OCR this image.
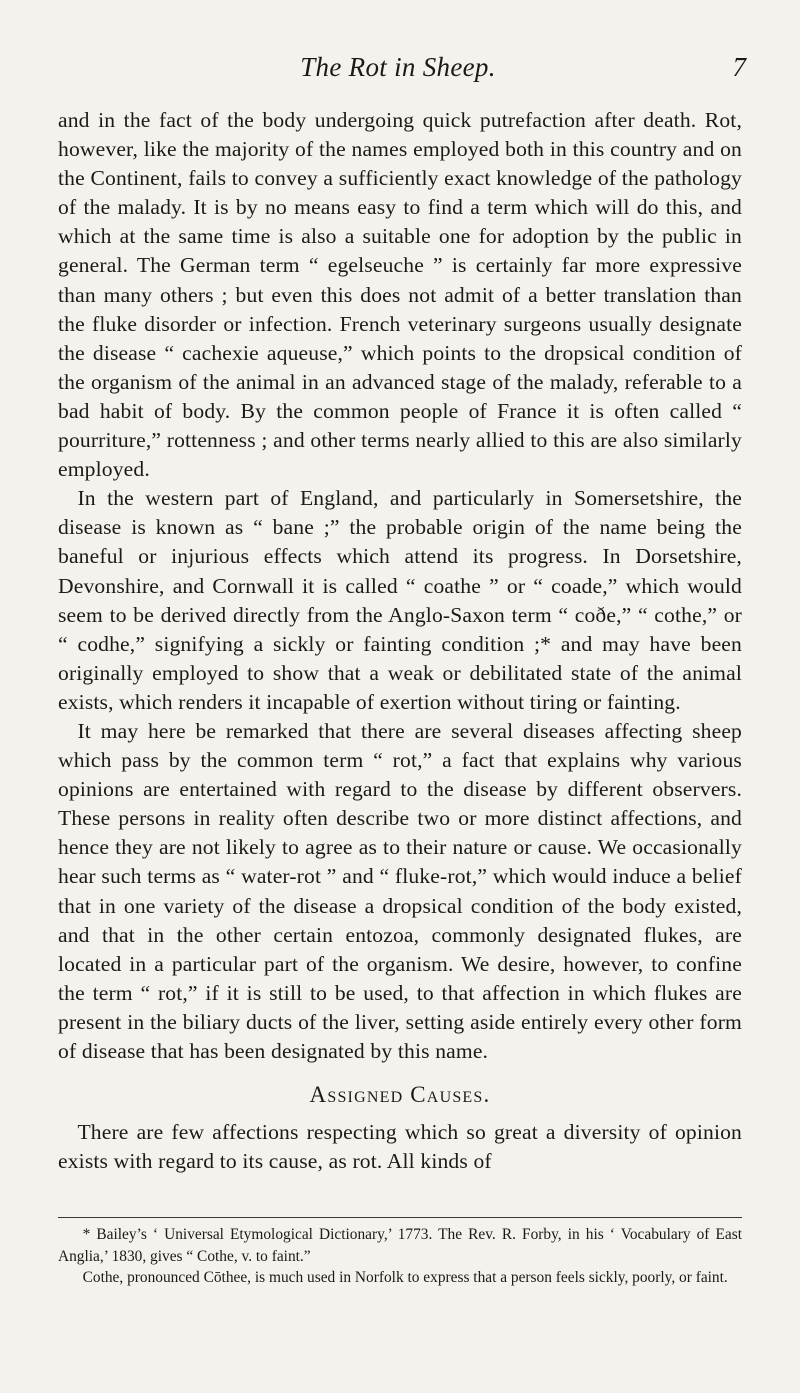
The Rot in Sheep.	7

and in the fact of the body undergoing quick putrefaction after death. Rot, however, like the majority of the names employed both in this country and on the Continent, fails to convey a sufficiently exact knowledge of the pathology of the malady. It is by no means easy to find a term which will do this, and which at the same time is also a suitable one for adoption by the public in general. The German term “ egelseuche ” is certainly far more expressive than many others ; but even this does not admit of a better translation than the fluke disorder or infection. French veterinary surgeons usually designate the disease “ cachexie aqueuse,” which points to the dropsical condition of the organism of the animal in an advanced stage of the malady, referable to a bad habit of body. By the common people of France it is often called “ pourriture,” rottenness ; and other terms nearly allied to this are also similarly employed.

In the western part of England, and particularly in Somersetshire, the disease is known as “ bane ;” the probable origin of the name being the baneful or injurious effects which attend its progress. In Dorsetshire, Devonshire, and Cornwall it is called “ coathe ” or “ coade,” which would seem to be derived directly from the Anglo-Saxon term “ coðe,” “ cothe,” or “ codhe,” signifying a sickly or fainting condition ;* and may have been originally employed to show that a weak or debilitated state of the animal exists, which renders it incapable of exertion without tiring or fainting.

It may here be remarked that there are several diseases affecting sheep which pass by the common term “ rot,” a fact that explains why various opinions are entertained with regard to the disease by different observers. These persons in reality often describe two or more distinct affections, and hence they are not likely to agree as to their nature or cause. We occasionally hear such terms as “ water-rot ” and “ fluke-rot,” which would induce a belief that in one variety of the disease a dropsical condition of the body existed, and that in the other certain entozoa, commonly designated flukes, are located in a particular part of the organism. We desire, however, to confine the term “ rot,” if it is still to be used, to that affection in which flukes are present in the biliary ducts of the liver, setting aside entirely every other form of disease that has been designated by this name.

Assigned Causes.

There are few affections respecting which so great a diversity of opinion exists with regard to its cause, as rot. All kinds of

* Bailey’s ‘ Universal Etymological Dictionary,’ 1773. The Rev. R. Forby, in his ‘ Vocabulary of East Anglia,’ 1830, gives “ Cothe, v. to faint.”

Cothe, pronounced Cōthee, is much used in Norfolk to express that a person feels sickly, poorly, or faint.
